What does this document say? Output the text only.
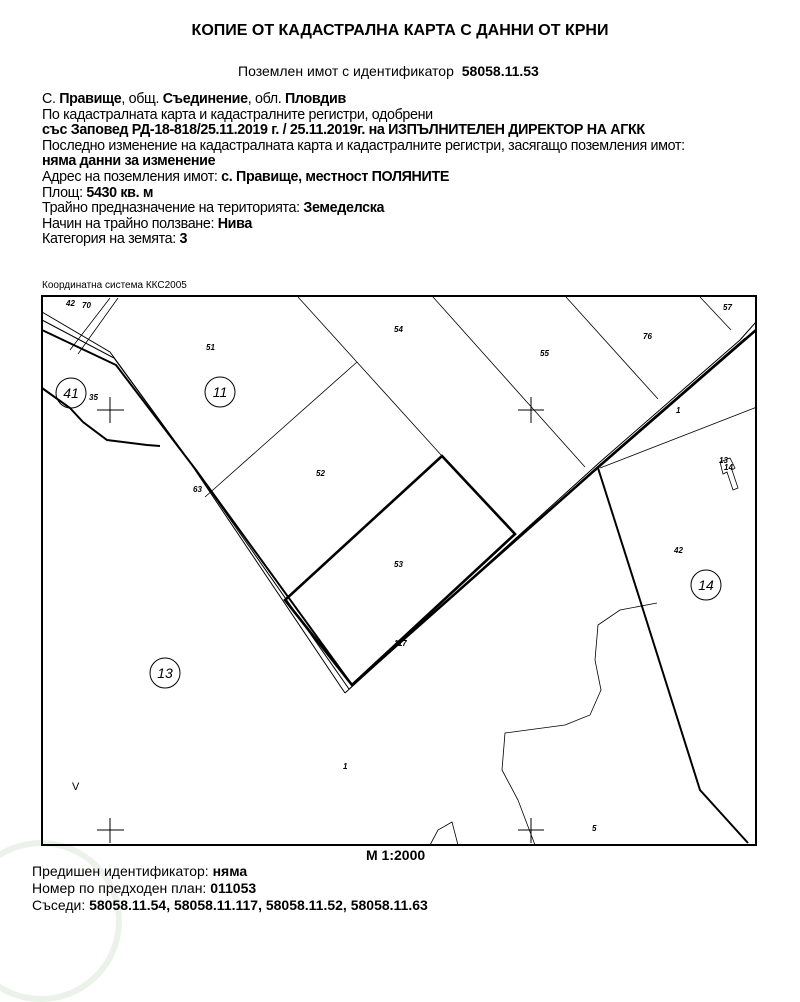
КОПИЕ ОТ КАДАСТРАЛНА КАРТА С ДАННИ ОТ КРНИ
Поземлен имот с идентификатор 58058.11.53
С. Правище, общ. Съединение, обл. Пловдив
По кадастралната карта и кадастралните регистри, одобрени
със Заповед РД-18-818/25.11.2019 г. / 25.11.2019г. на ИЗПЪЛНИТЕЛЕН ДИРЕКТОР НА АГКК
Последно изменение на кадастралната карта и кадастралните регистри, засягащо поземления имот:
няма данни за изменение
Адрес на поземления имот: с. Правище, местност ПОЛЯНИТЕ
Площ: 5430 кв. м
Трайно предназначение на територията: Земеделска
Начин на трайно ползване: Нива
Категория на земята: 3
Координатна система ККС2005
41	11
14
13
42 70
51
54
55
76
57
35
1
52
63
53
117
42
1
V
5
13
14
М 1:2000
Предишен идентификатор: няма
Номер по предходен план: 011053
Съседи: 58058.11.54, 58058.11.117, 58058.11.52, 58058.11.63
